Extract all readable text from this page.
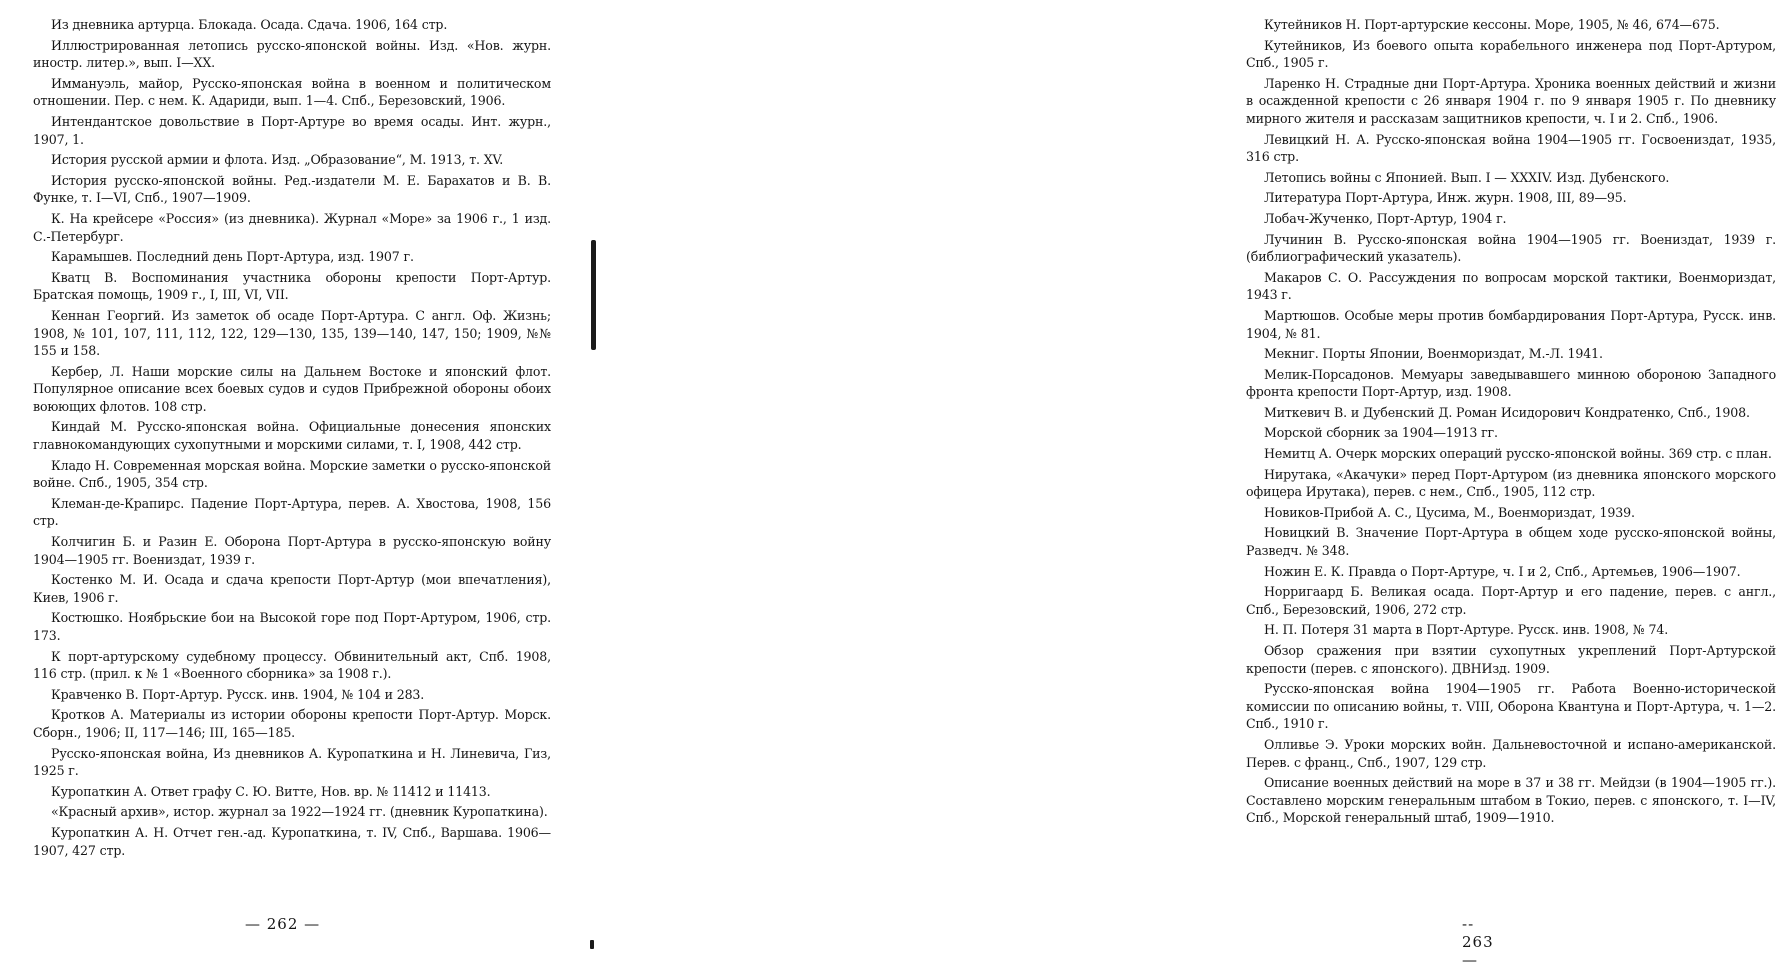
Из дневника артурца. Блокада. Осада. Сдача. 1906, 164 стр.

Иллюстрированная летопись русско-японской войны. Изд. «Нов. журн. иностр. литер.», вып. I—XX.

Иммануэль, майор, Русско-японская война в военном и политическом отношении. Пер. с нем. К. Адариди, вып. 1—4. Спб., Березовский, 1906.

Интендантское довольствие в Порт-Артуре во время осады. Инт. журн., 1907, 1.

История русской армии и флота. Изд. „Образование“, М. 1913, т. XV.

История русско-японской войны. Ред.-издатели М. Е. Барахатов и В. В. Функе, т. I—VI, Спб., 1907—1909.

К. На крейсере «Россия» (из дневника). Журнал «Море» за 1906 г., 1 изд. С.-Петербург.

Карамышев. Последний день Порт-Артура, изд. 1907 г.

Кватц В. Воспоминания участника обороны крепости Порт-Артур. Братская помощь, 1909 г., I, III, VI, VII.

Кеннан Георгий. Из заметок об осаде Порт-Артура. С англ. Оф. Жизнь; 1908, № 101, 107, 111, 112, 122, 129—130, 135, 139—140, 147, 150; 1909, №№ 155 и 158.

Кербер, Л. Наши морские силы на Дальнем Востоке и японский флот. Популярное описание всех боевых судов и судов Прибрежной обороны обоих воюющих флотов. 108 стр.

Киндай М. Русско-японская война. Официальные донесения японских главнокомандующих сухопутными и морскими силами, т. I, 1908, 442 стр.

Кладо Н. Современная морская война. Морские заметки о русско-японской войне. Спб., 1905, 354 стр.

Клеман-де-Крапирс. Падение Порт-Артура, перев. А. Хвостова, 1908, 156 стр.

Колчигин Б. и Разин Е. Оборона Порт-Артура в русско-японскую войну 1904—1905 гг. Воениздат, 1939 г.

Костенко М. И. Осада и сдача крепости Порт-Артур (мои впечатления), Киев, 1906 г.

Костюшко. Ноябрьские бои на Высокой горе под Порт-Артуром, 1906, стр. 173.

К порт-артурскому судебному процессу. Обвинительный акт, Спб. 1908, 116 стр. (прил. к № 1 «Военного сборника» за 1908 г.).

Кравченко В. Порт-Артур. Русск. инв. 1904, № 104 и 283.

Кротков А. Материалы из истории обороны крепости Порт-Артур. Морск. Сборн., 1906; II, 117—146; III, 165—185.

Русско-японская война, Из дневников А. Куропаткина и Н. Линевича, Гиз, 1925 г.

Куропаткин А. Ответ графу С. Ю. Витте, Нов. вр. № 11412 и 11413.

«Красный архив», истор. журнал за 1922—1924 гг. (дневник Куропаткина).

Куропаткин А. Н. Отчет ген.-ад. Куропаткина, т. IV, Спб., Варшава. 1906—1907, 427 стр.

— 262 —

Кутейников Н. Порт-артурские кессоны. Море, 1905, № 46, 674—675.

Кутейников, Из боевого опыта корабельного инженера под Порт-Артуром, Спб., 1905 г.

Ларенко Н. Страдные дни Порт-Артура. Хроника военных действий и жизни в осажденной крепости с 26 января 1904 г. по 9 января 1905 г. По дневнику мирного жителя и рассказам защитников крепости, ч. I и 2. Спб., 1906.

Левицкий Н. А. Русско-японская война 1904—1905 гг. Госвоениздат, 1935, 316 стр.

Летопись войны с Японией. Вып. I — XXXIV. Изд. Дубенского.

Литература Порт-Артура, Инж. журн. 1908, III, 89—95.

Лобач-Жученко, Порт-Артур, 1904 г.

Лучинин В. Русско-японская война 1904—1905 гг. Воениздат, 1939 г. (библиографический указатель).

Макаров С. О. Рассуждения по вопросам морской тактики, Военмориздат, 1943 г.

Мартюшов. Особые меры против бомбардирования Порт-Артура, Русск. инв. 1904, № 81.

Мекниг. Порты Японии, Военмориздат, М.-Л. 1941.

Мелик-Порсадонов. Мемуары заведывавшего минною обороною Западного фронта крепости Порт-Артур, изд. 1908.

Миткевич В. и Дубенский Д. Роман Исидорович Кондратенко, Спб., 1908.

Морской сборник за 1904—1913 гг.

Немитц А. Очерк морских операций русско-японской войны. 369 стр. с план.

Нирутака, «Акачуки» перед Порт-Артуром (из дневника японского морского офицера Ирутака), перев. с нем., Спб., 1905, 112 стр.

Новиков-Прибой А. С., Цусима, М., Военмориздат, 1939.

Новицкий В. Значение Порт-Артура в общем ходе русско-японской войны, Разведч. № 348.

Ножин Е. К. Правда о Порт-Артуре, ч. I и 2, Спб., Артемьев, 1906—1907.

Норригаард Б. Великая осада. Порт-Артур и его падение, перев. с англ., Спб., Березовский, 1906, 272 стр.

Н. П. Потеря 31 марта в Порт-Артуре. Русск. инв. 1908, № 74.

Обзор сражения при взятии сухопутных укреплений Порт-Артурской крепости (перев. с японского). ДВНИзд. 1909.

Русско-японская война 1904—1905 гг. Работа Военно-исторической комиссии по описанию войны, т. VIII, Оборона Квантуна и Порт-Артура, ч. 1—2. Спб., 1910 г.

Олливье Э. Уроки морских войн. Дальневосточной и испано-американской. Перев. с франц., Спб., 1907, 129 стр.

Описание военных действий на море в 37 и 38 гг. Мейдзи (в 1904—1905 гг.). Составлено морским генеральным штабом в Токио, перев. с японского, т. I—IV, Спб., Морской генеральный штаб, 1909—1910.

-- 263 —
